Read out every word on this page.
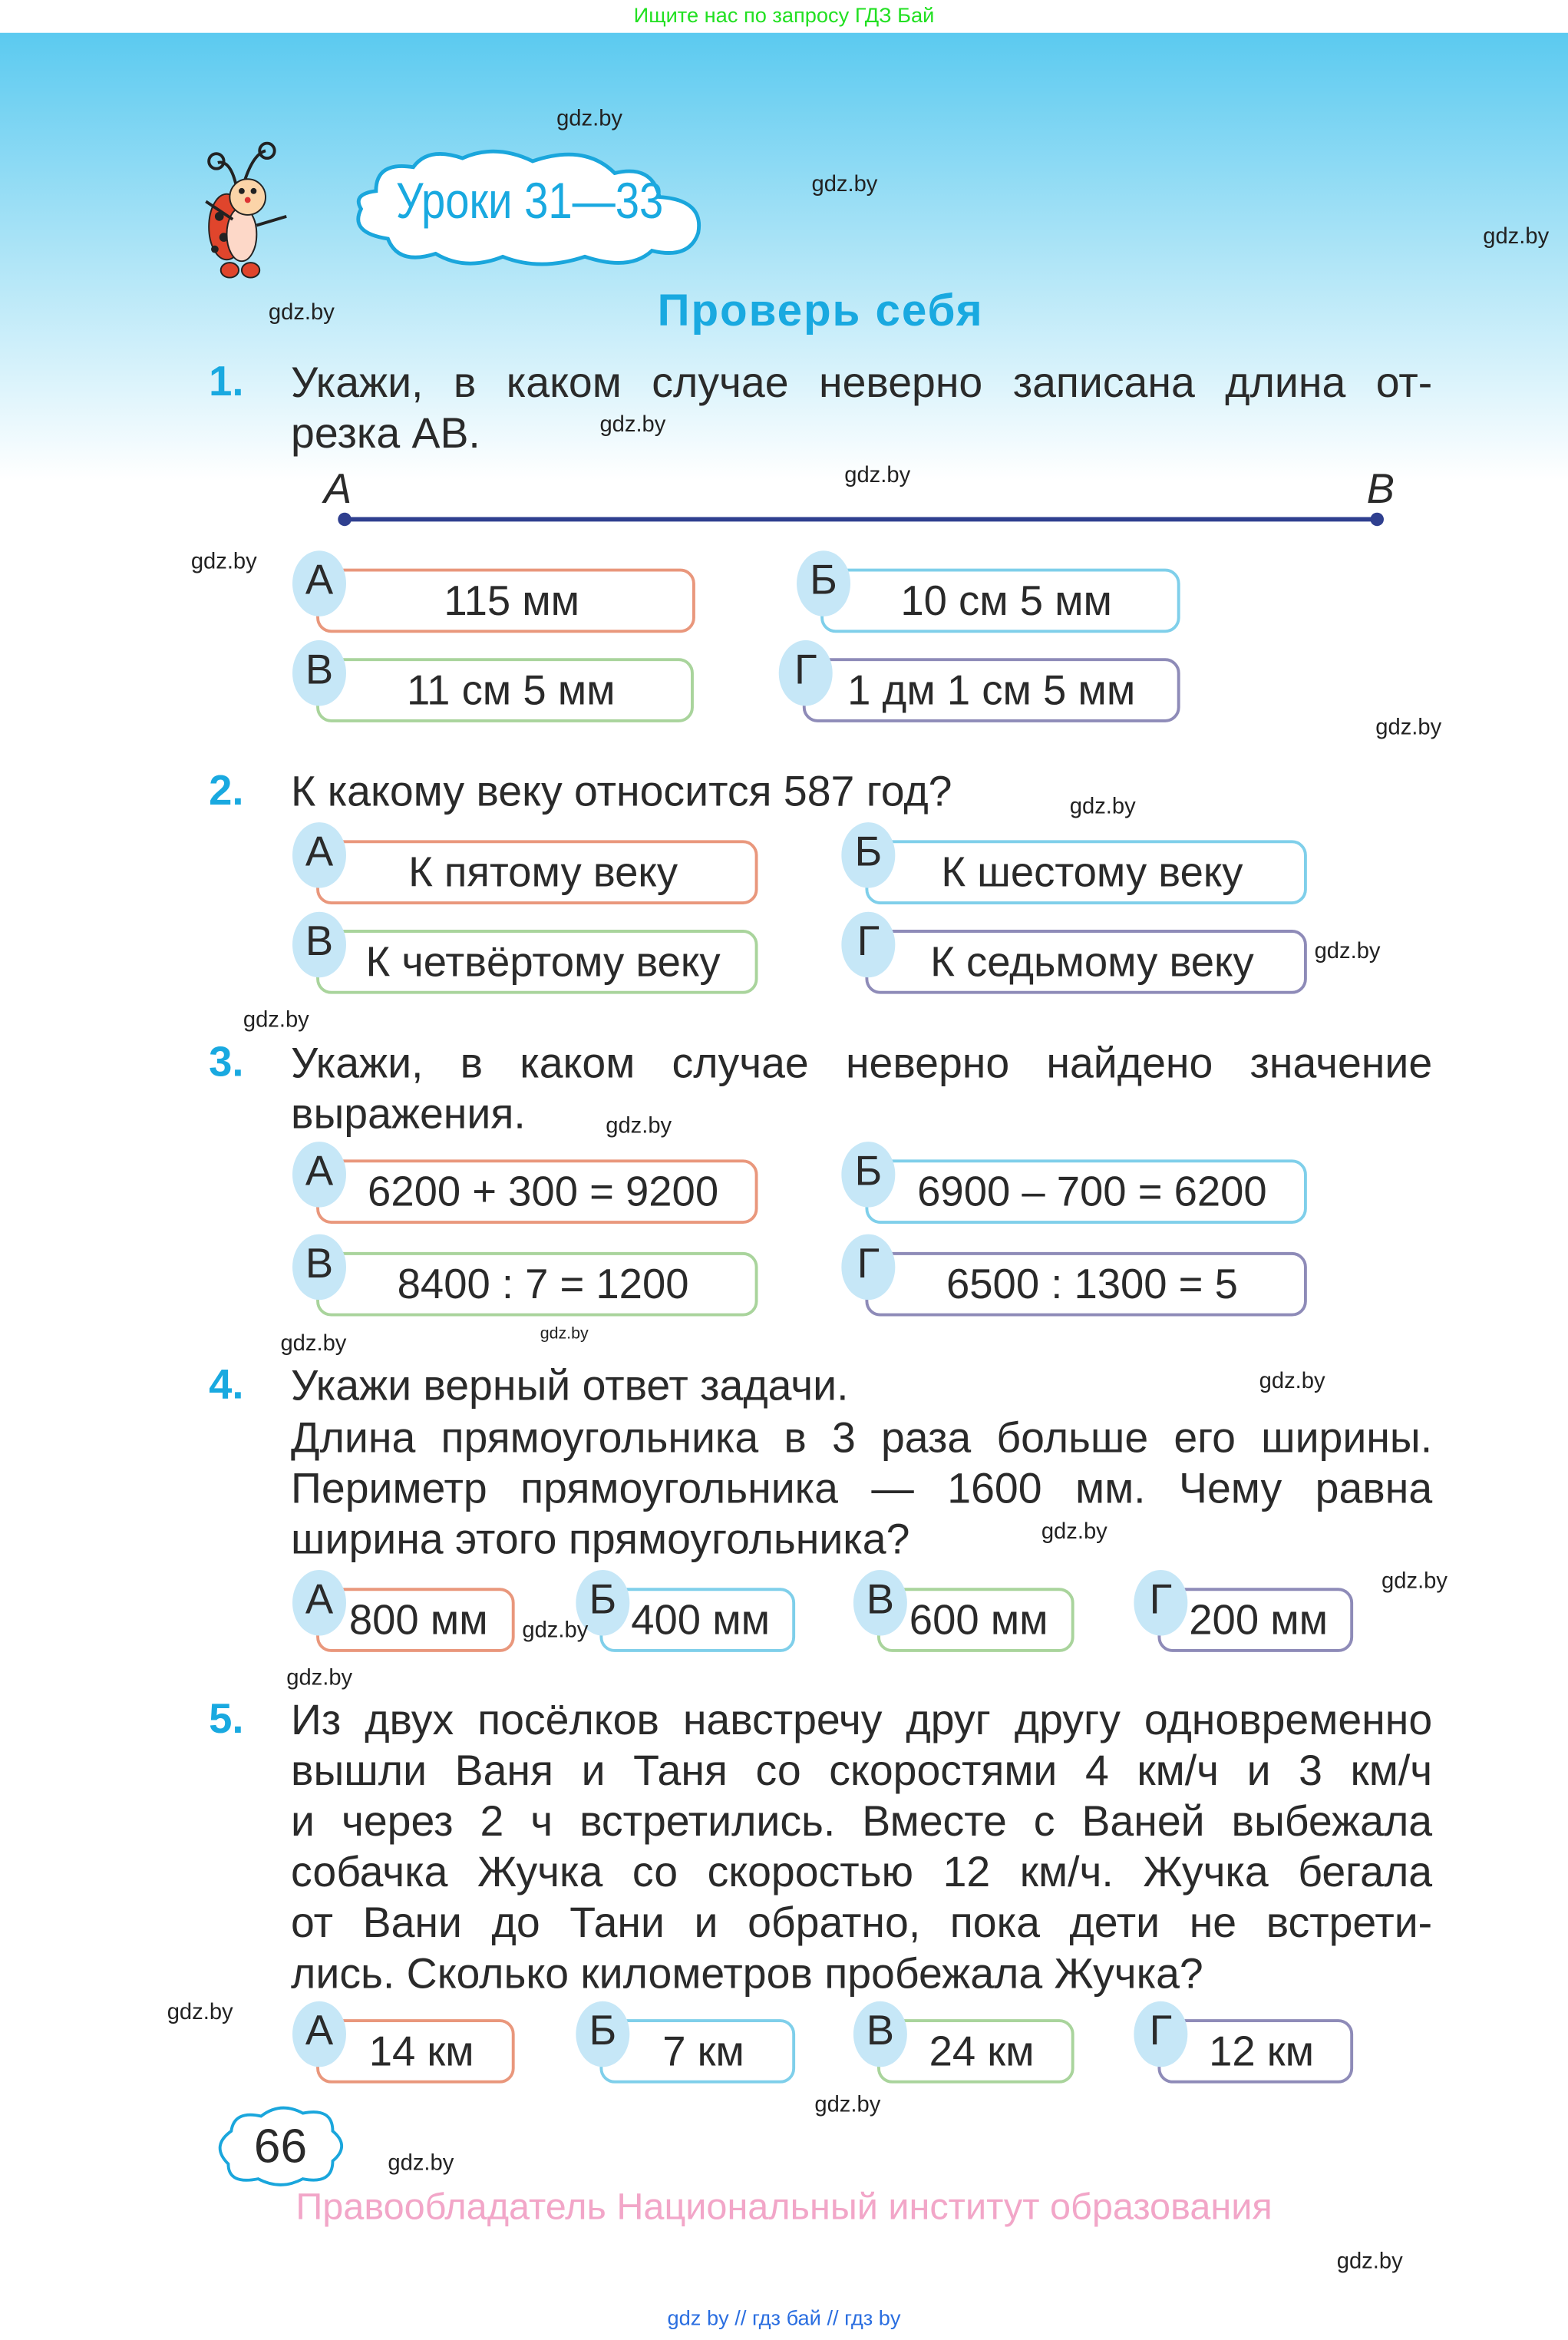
Ищите нас по запросу ГДЗ Бай
Уроки 31—33
Проверь себя
1. Укажи, в каком случае неверно записана длина от-
резка AB.
A	B
А	115 мм	Б	10 см 5 мм
В	11 см 5 мм	Г	1 дм 1 см 5 мм
2. К какому веку относится 587 год?
А	К пятому веку	Б	К шестому веку
В	К четвёртому веку	Г	К седьмому веку
3. Укажи, в каком случае неверно найдено значение
выражения.
А	6200 + 300 = 9200	Б	6900 – 700 = 6200
В	8400 : 7 = 1200	Г	6500 : 1300 = 5
4. Укажи верный ответ задачи.
Длина прямоугольника в 3 раза больше его ширины.
Периметр прямоугольника — 1600 мм. Чему равна
ширина этого прямоугольника?
А 800 мм	Б 400 мм	В 600 мм	Г 200 мм
5. Из двух посёлков навстречу друг другу одновременно
вышли Ваня и Таня со скоростями 4 км/ч и 3 км/ч
и через 2 ч встретились. Вместе с Ваней выбежала
собачка Жучка со скоростью 12 км/ч. Жучка бегала
от Вани до Тани и обратно, пока дети не встрети-
лись. Сколько километров пробежала Жучка?
А	14 км	Б	7 км	В	24 км	Г	12 км
66
Правообладатель Национальный институт образования
gdz by // гдз бай // гдз by
gdz.by
gdz.by
gdz.by
gdz.by
gdz.by
gdz.by
gdz.by
gdz.by
gdz.by
gdz.by
gdz.by
gdz.by
gdz.by
gdz.by
gdz.by
gdz.by
gdz.by
gdz.by
gdz.by
gdz.by
gdz.by
gdz.by
gdz.by
